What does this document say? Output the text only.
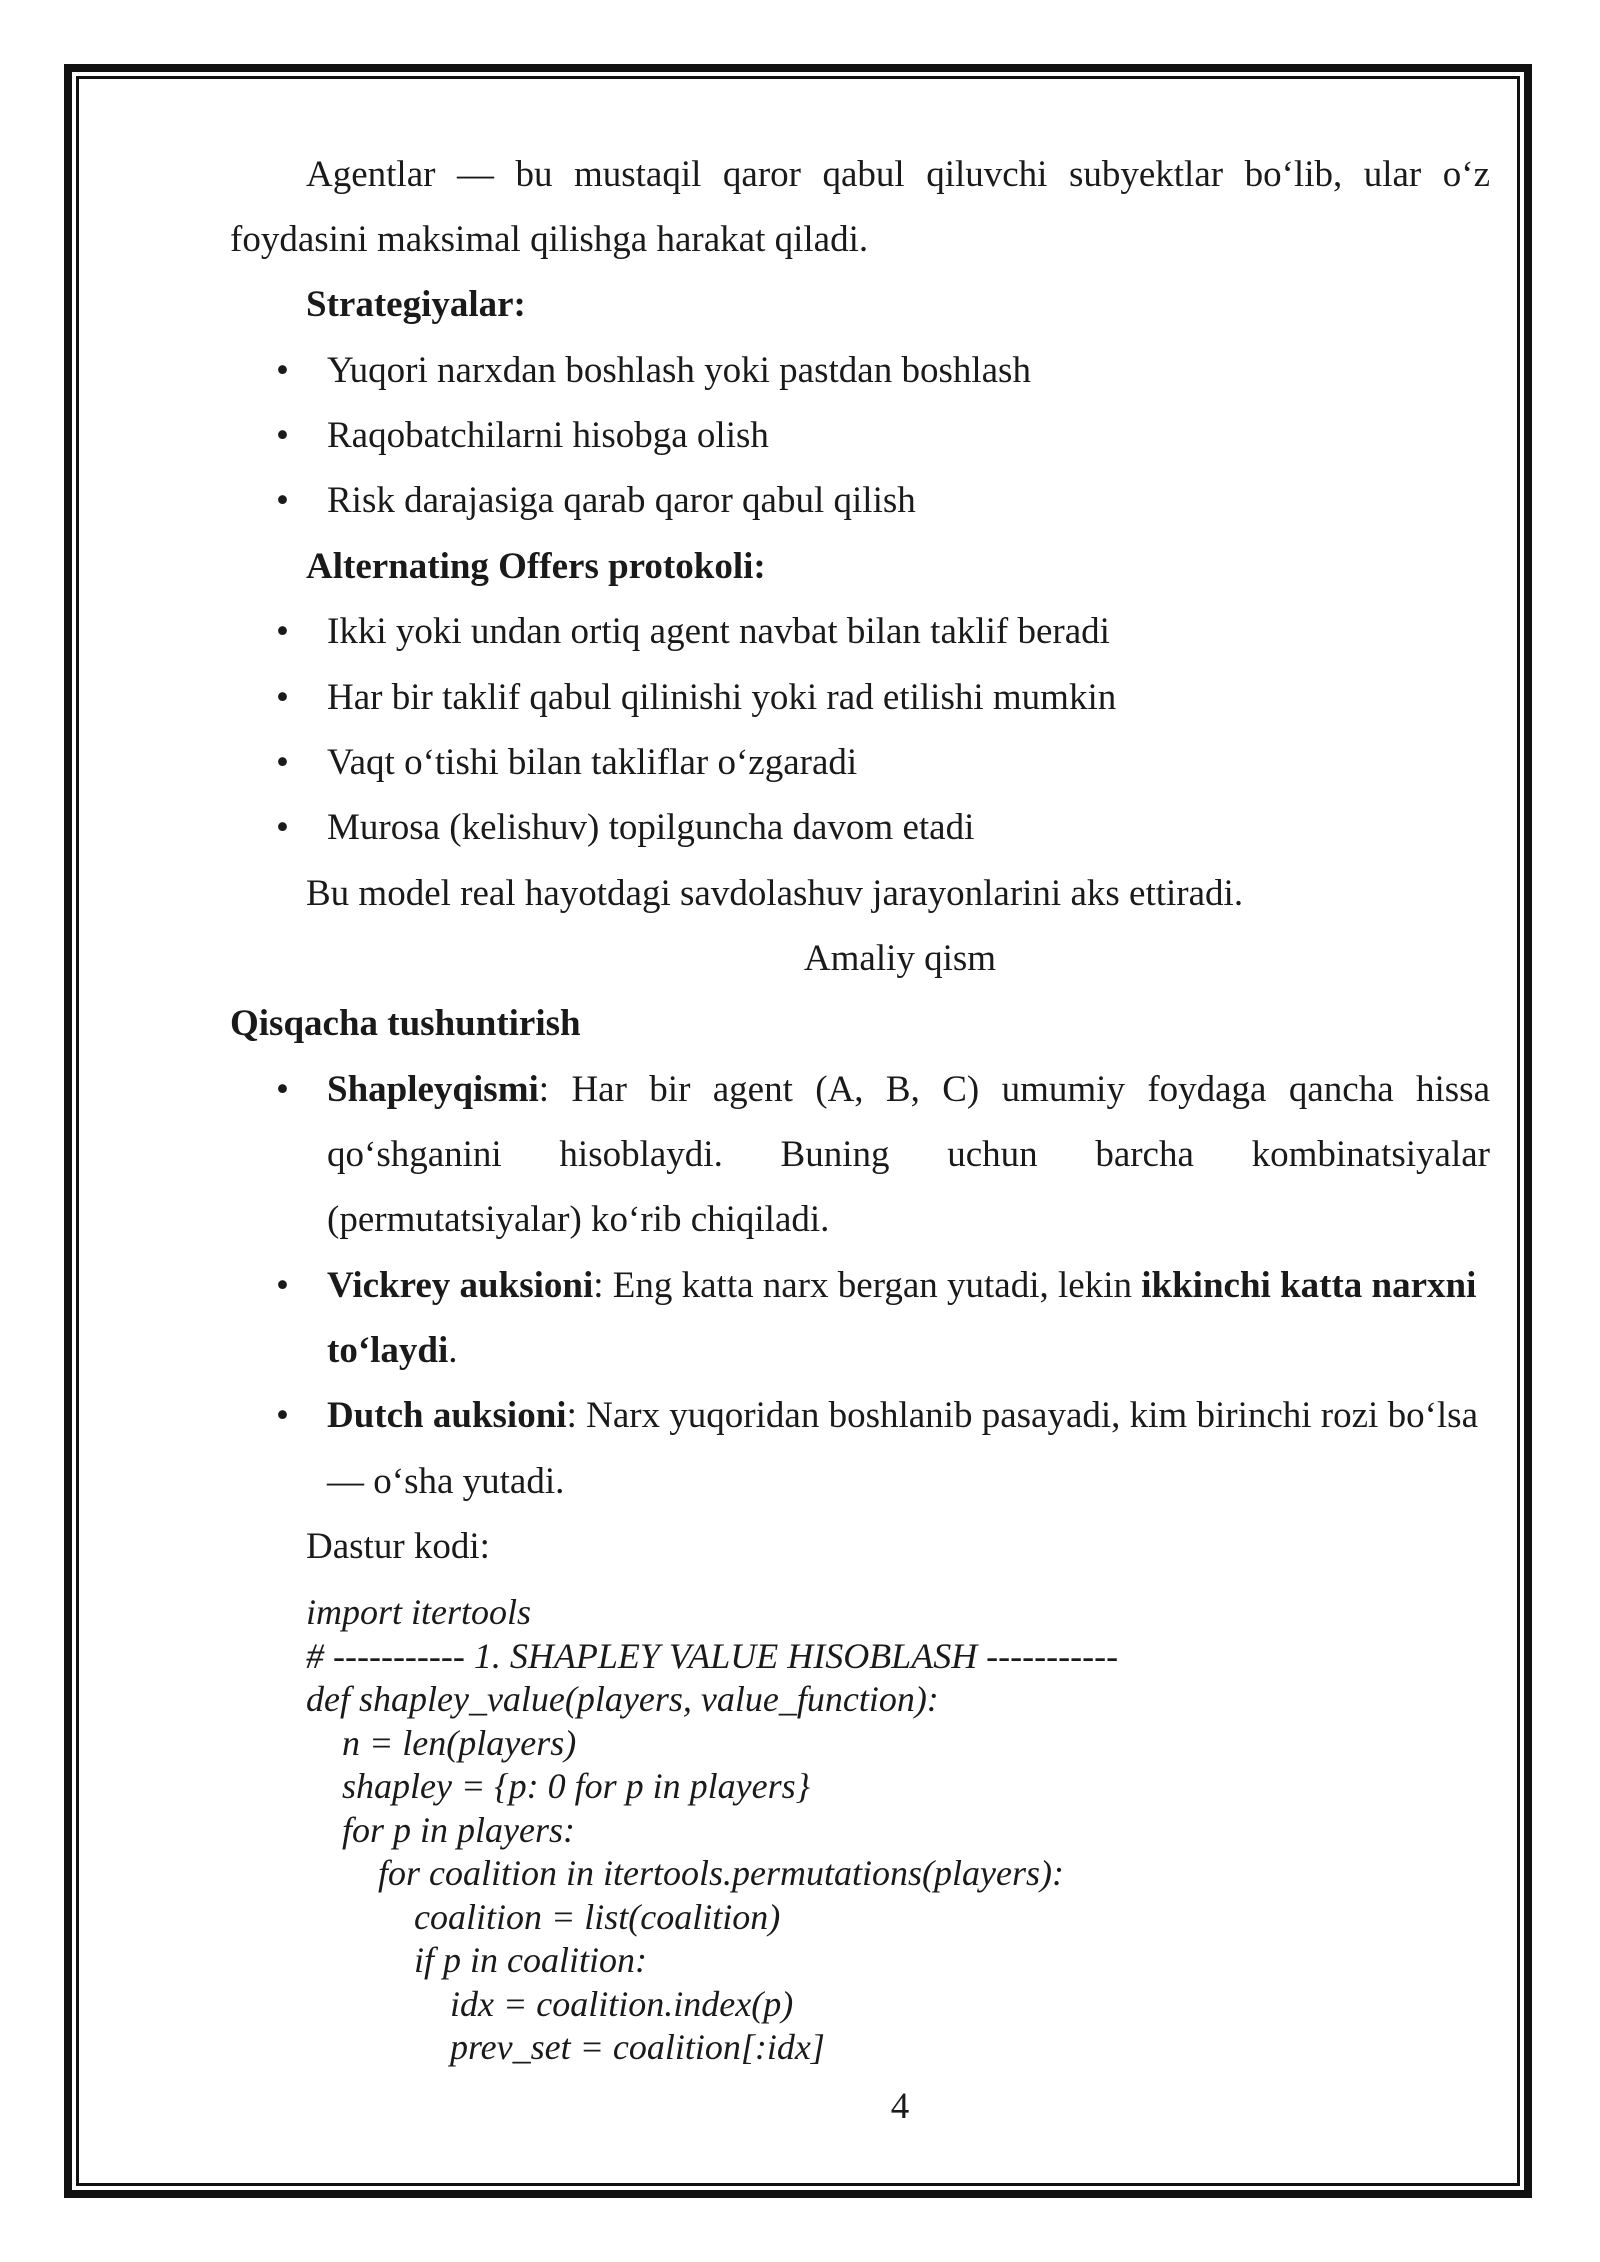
Agentlar — bu mustaqil qaror qabul qiluvchi subyektlar bo‘lib, ular o‘z
foydasini maksimal qilishga harakat qiladi.
Strategiyalar:
• Yuqori narxdan boshlash yoki pastdan boshlash
• Raqobatchilarni hisobga olish
• Risk darajasiga qarab qaror qabul qilish
Alternating Offers protokoli:
• Ikki yoki undan ortiq agent navbat bilan taklif beradi
• Har bir taklif qabul qilinishi yoki rad etilishi mumkin
• Vaqt o‘tishi bilan takliflar o‘zgaradi
• Murosa (kelishuv) topilguncha davom etadi
Bu model real hayotdagi savdolashuv jarayonlarini aks ettiradi.
Amaliy qism
Qisqacha tushuntirish
• Shapleyqismi: Har bir agent (A, B, C) umumiy foydaga qancha hissa
qo‘shganini hisoblaydi. Buning uchun barcha kombinatsiyalar
(permutatsiyalar) ko‘rib chiqiladi.
• Vickrey auksioni: Eng katta narx bergan yutadi, lekin ikkinchi katta narxni
to‘laydi.
• Dutch auksioni: Narx yuqoridan boshlanib pasayadi, kim birinchi rozi bo‘lsa
— o‘sha yutadi.
Dastur kodi:
import itertools
# ----------- 1. SHAPLEY VALUE HISOBLASH -----------
def shapley_value(players, value_function):
n = len(players)
shapley = {p: 0 for p in players}
for p in players:
for coalition in itertools.permutations(players):
coalition = list(coalition)
if p in coalition:
idx = coalition.index(p)
prev_set = coalition[:idx]
4
